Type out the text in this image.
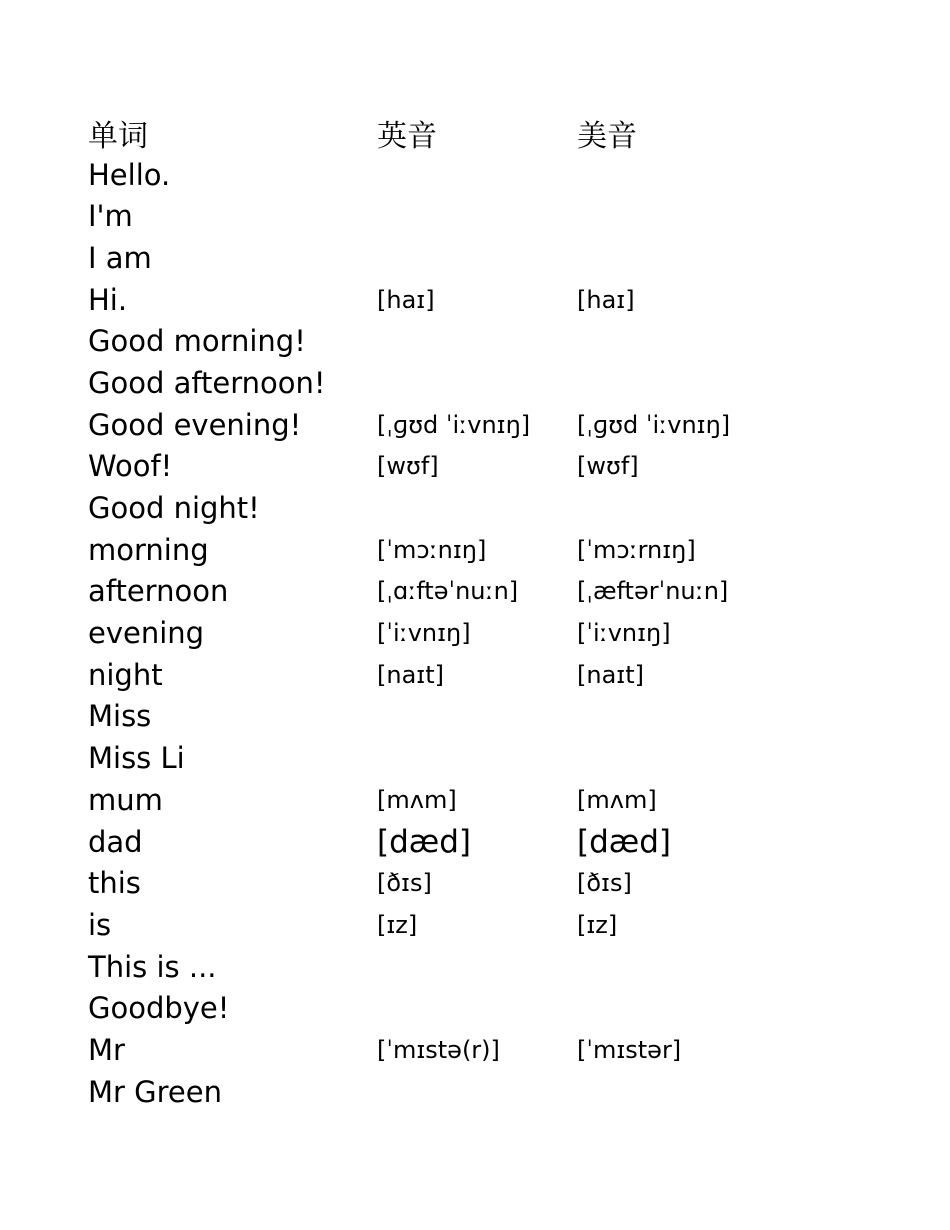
单词	英音	美音
Hello.
I'm
I am
Hi.	[haɪ]	[haɪ]
Good morning!
Good afternoon!
Good evening!	[ˌɡʊd ˈiːvnɪŋ]	[ˌɡʊd ˈiːvnɪŋ]
Woof!	[wʊf]	[wʊf]
Good night!
morning	[ˈmɔːnɪŋ]	[ˈmɔːrnɪŋ]
afternoon	[ˌɑːftəˈnuːn]	[ˌæftərˈnuːn]
evening	[ˈiːvnɪŋ]	[ˈiːvnɪŋ]
night	[naɪt]	[naɪt]
Miss
Miss Li
mum	[mʌm]	[mʌm]
dad	[dæd]	[dæd]
this	[ðɪs]	[ðɪs]
is	[ɪz]	[ɪz]
This is ...
Goodbye!
Mr	[ˈmɪstə(r)]	[ˈmɪstər]
Mr Green
